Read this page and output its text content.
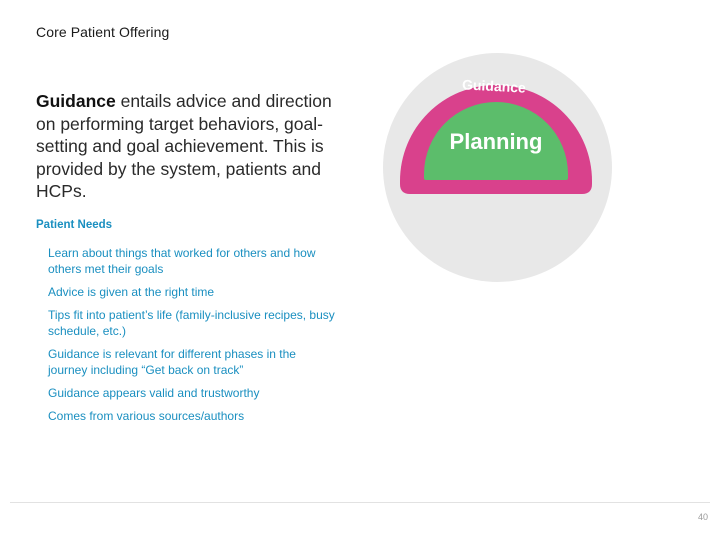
Core Patient Offering
Guidance entails advice and direction on performing target behaviors, goal-setting and goal achievement. This is provided by the system, patients and HCPs.
Patient Needs
Learn about things that worked for others and how others met their goals
Advice is given at the right time
Tips fit into patient’s life (family-inclusive recipes, busy schedule, etc.)
Guidance is relevant for different phases in the journey including “Get back on track”
Guidance appears valid and trustworthy
Comes from various sources/authors
Guidance
Planning
40
